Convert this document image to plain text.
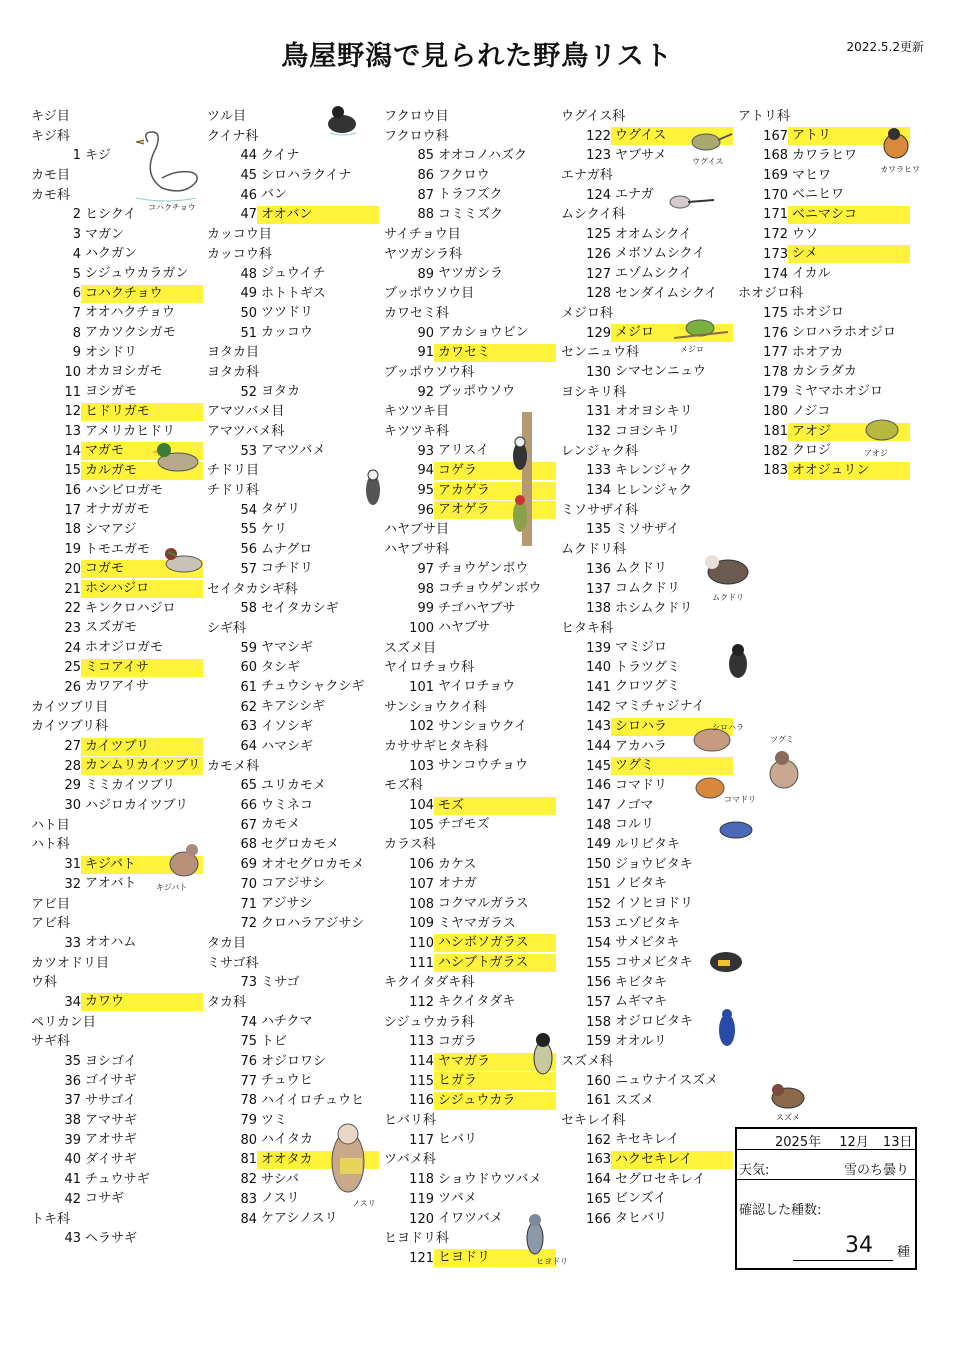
鳥屋野潟で見られた野鳥リスト	2022.5.2更新
キジ目
キジ科
1 キジ
カモ目
カモ科
2 ヒシクイ
3 マガン
4 ハクガン
5 シジュウカラガン
6 コハクチョウ
7 オオハクチョウ
8 アカツクシガモ
9 オシドリ
10 オカヨシガモ
11 ヨシガモ
12 ヒドリガモ
13 アメリカヒドリ
14 マガモ
15 カルガモ
16 ハシビロガモ
17 オナガガモ
18 シマアジ
19 トモエガモ
20 コガモ
21 ホシハジロ
22 キンクロハジロ
23 スズガモ
24 ホオジロガモ
25 ミコアイサ
26 カワアイサ
カイツブリ目
カイツブリ科
27 カイツブリ
28 カンムリカイツブリ
29 ミミカイツブリ
30 ハジロカイツブリ
ハト目
ハト科
31 キジバト
32 アオバト
アビ目
アビ科
33 オオハム
カツオドリ目
ウ科
34 カワウ
ペリカン目
サギ科
35 ヨシゴイ
36 ゴイサギ
37 ササゴイ
38 アマサギ
39 アオサギ
40 ダイサギ
41 チュウサギ
42 コサギ
トキ科
43 ヘラサギ
ツル目
クイナ科
44 クイナ
45 シロハラクイナ
46 バン
47 オオバン
カッコウ目
カッコウ科
48 ジュウイチ
49 ホトトギス
50 ツツドリ
51 カッコウ
ヨタカ目
ヨタカ科
52 ヨタカ
アマツバメ目
アマツバメ科
53 アマツバメ
チドリ目
チドリ科
54 タゲリ
55 ケリ
56 ムナグロ
57 コチドリ
セイタカシギ科
58 セイタカシギ
シギ科
59 ヤマシギ
60 タシギ
61 チュウシャクシギ
62 キアシシギ
63 イソシギ
64 ハマシギ
カモメ科
65 ユリカモメ
66 ウミネコ
67 カモメ
68 セグロカモメ
69 オオセグロカモメ
70 コアジサシ
71 アジサシ
72 クロハラアジサシ
タカ目
ミサゴ科
73 ミサゴ
タカ科
74 ハチクマ
75 トビ
76 オジロワシ
77 チュウヒ
78 ハイイロチュウヒ
79 ツミ
80 ハイタカ
81 オオタカ
82 サシバ
83 ノスリ
84 ケアシノスリ
フクロウ目
フクロウ科
85 オオコノハズク
86 フクロウ
87 トラフズク
88 コミミズク
サイチョウ目
ヤツガシラ科
89 ヤツガシラ
ブッポウソウ目
カワセミ科
90 アカショウビン
91 カワセミ
ブッポウソウ科
92 ブッポウソウ
キツツキ目
キツツキ科
93 アリスイ
94 コゲラ
95 アカゲラ
96 アオゲラ
ハヤブサ目
ハヤブサ科
97 チョウゲンボウ
98 コチョウゲンボウ
99 チゴハヤブサ
100 ハヤブサ
スズメ目
ヤイロチョウ科
101 ヤイロチョウ
サンショウクイ科
102 サンショウクイ
カササギヒタキ科
103 サンコウチョウ
モズ科
104 モズ
105 チゴモズ
カラス科
106 カケス
107 オナガ
108 コクマルガラス
109 ミヤマガラス
110 ハシボソガラス
111 ハシブトガラス
キクイタダキ科
112 キクイタダキ
シジュウカラ科
113 コガラ
114 ヤマガラ
115 ヒガラ
116 シジュウカラ
ヒバリ科
117 ヒバリ
ツバメ科
118 ショウドウツバメ
119 ツバメ
120 イワツバメ
ヒヨドリ科
121 ヒヨドリ
ウグイス科
122 ウグイス
123 ヤブサメ
エナガ科
124 エナガ
ムシクイ科
125 オオムシクイ
126 メボソムシクイ
127 エゾムシクイ
128 センダイムシクイ
メジロ科
129 メジロ
センニュウ科
130 シマセンニュウ
ヨシキリ科
131 オオヨシキリ
132 コヨシキリ
レンジャク科
133 キレンジャク
134 ヒレンジャク
ミソサザイ科
135 ミソサザイ
ムクドリ科
136 ムクドリ
137 コムクドリ
138 ホシムクドリ
ヒタキ科
139 マミジロ
140 トラツグミ
141 クロツグミ
142 マミチャジナイ
143 シロハラ
144 アカハラ
145 ツグミ
146 コマドリ
147 ノゴマ
148 コルリ
149 ルリビタキ
150 ジョウビタキ
151 ノビタキ
152 イソヒヨドリ
153 エゾビタキ
154 サメビタキ
155 コサメビタキ
156 キビタキ
157 ムギマキ
158 オジロビタキ
159 オオルリ
スズメ科
160 ニュウナイスズメ
161 スズメ
セキレイ科
162 キセキレイ
163 ハクセキレイ
164 セグロセキレイ
165 ビンズイ
166 タヒバリ
アトリ科
167 アトリ
168 カワラヒワ
169 マヒワ
170 ベニヒワ
171 ベニマシコ
172 ウソ
173 シメ
174 イカル
ホオジロ科
175 ホオジロ
176 シロハラホオジロ
177 ホオアカ
178 カシラダカ
179 ミヤマホオジロ
180 ノジコ
181 アオジ
182 クロジ
183 オオジュリン
コハクチョウ
キジバト
ノスリ
ヒヨドリ
ウグイス
メジロ
ムクドリ
シロハラ
ツグミ
コマドリ
スズメ
カワラヒワ
アオジ
2025年 12月 13日
天気:	雪のち曇り
確認した種数:
34 種
